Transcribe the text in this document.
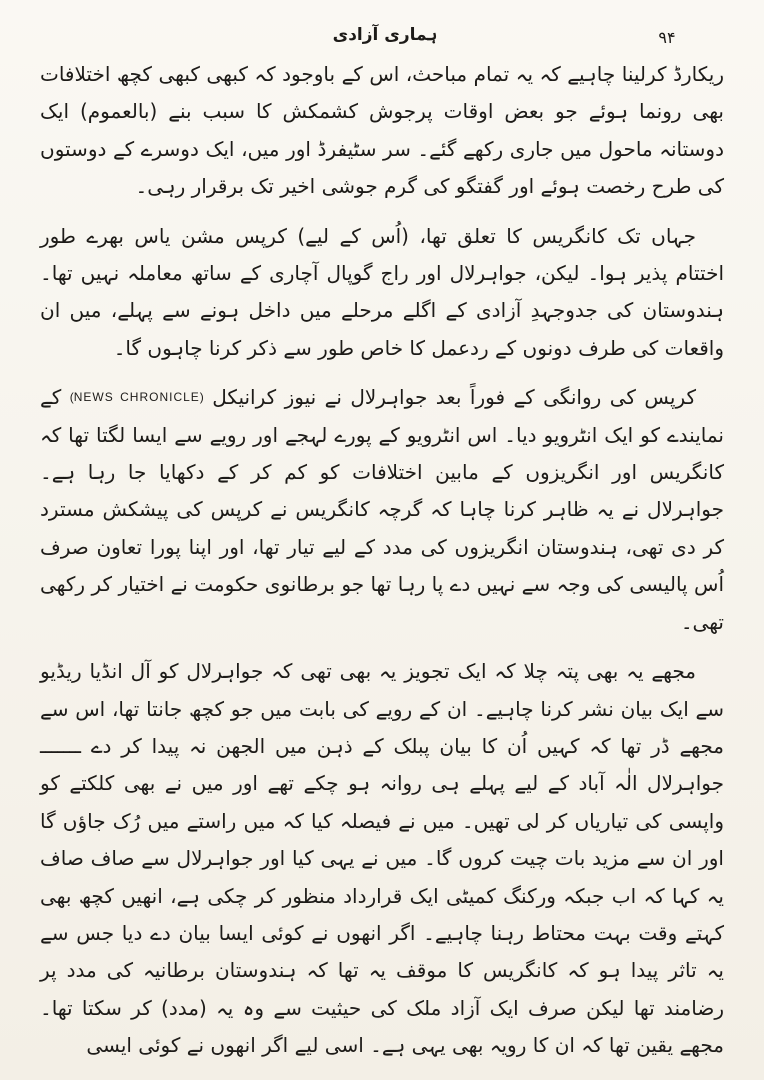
ہماری آزادی	۹۴

ریکارڈ کرلینا چاہیے کہ یہ تمام مباحث، اس کے باوجود کہ کبھی کبھی کچھ اختلافات بھی رونما ہوئے جو بعض اوقات پرجوش کشمکش کا سبب بنے (بالعموم) ایک دوستانہ ماحول میں جاری رکھے گئے۔ سر سٹیفرڈ اور میں، ایک دوسرے کے دوستوں کی طرح رخصت ہوئے اور گفتگو کی گرم جوشی اخیر تک برقرار رہی۔

جہاں تک کانگریس کا تعلق تھا، (اُس کے لیے) کرپس مشن یاس بھرے طور اختتام پذیر ہوا۔ لیکن، جواہرلال اور راج گوپال آچاری کے ساتھ معاملہ نہیں تھا۔ ہندوستان کی جدوجہدِ آزادی کے اگلے مرحلے میں داخل ہونے سے پہلے، میں ان واقعات کی طرف دونوں کے ردعمل کا خاص طور سے ذکر کرنا چاہوں گا۔

کرپس کی روانگی کے فوراً بعد جواہرلال نے نیوز کرانیکل (NEWS CHRONICLE) کے نمایندے کو ایک انٹرویو دیا۔ اس انٹرویو کے پورے لہجے اور رویے سے ایسا لگتا تھا کہ کانگریس اور انگریزوں کے مابین اختلافات کو کم کر کے دکھایا جا رہا ہے۔ جواہرلال نے یہ ظاہر کرنا چاہا کہ گرچہ کانگریس نے کرپس کی پیشکش مسترد کر دی تھی، ہندوستان انگریزوں کی مدد کے لیے تیار تھا، اور اپنا پورا تعاون صرف اُس پالیسی کی وجہ سے نہیں دے پا رہا تھا جو برطانوی حکومت نے اختیار کر رکھی تھی۔

مجھے یہ بھی پتہ چلا کہ ایک تجویز یہ بھی تھی کہ جواہرلال کو آل انڈیا ریڈیو سے ایک بیان نشر کرنا چاہیے۔ ان کے رویے کی بابت میں جو کچھ جانتا تھا، اس سے مجھے ڈر تھا کہ کہیں اُن کا بیان پبلک کے ذہن میں الجھن نہ پیدا کر دے ـــــــ جواہرلال الٰہ آباد کے لیے پہلے ہی روانہ ہو چکے تھے اور میں نے بھی کلکتے کو واپسی کی تیاریاں کر لی تھیں۔ میں نے فیصلہ کیا کہ میں راستے میں رُک جاؤں گا اور ان سے مزید بات چیت کروں گا۔ میں نے یہی کیا اور جواہرلال سے صاف صاف یہ کہا کہ اب جبکہ ورکنگ کمیٹی ایک قرارداد منظور کر چکی ہے، انھیں کچھ بھی کہتے وقت بہت محتاط رہنا چاہیے۔ اگر انھوں نے کوئی ایسا بیان دے دیا جس سے یہ تاثر پیدا ہو کہ کانگریس کا موقف یہ تھا کہ ہندوستان برطانیہ کی مدد پر رضامند تھا لیکن صرف ایک آزاد ملک کی حیثیت سے وہ یہ (مدد) کر سکتا تھا۔ مجھے یقین تھا کہ ان کا رویہ بھی یہی ہے۔ اسی لیے اگر انھوں نے کوئی ایسی
